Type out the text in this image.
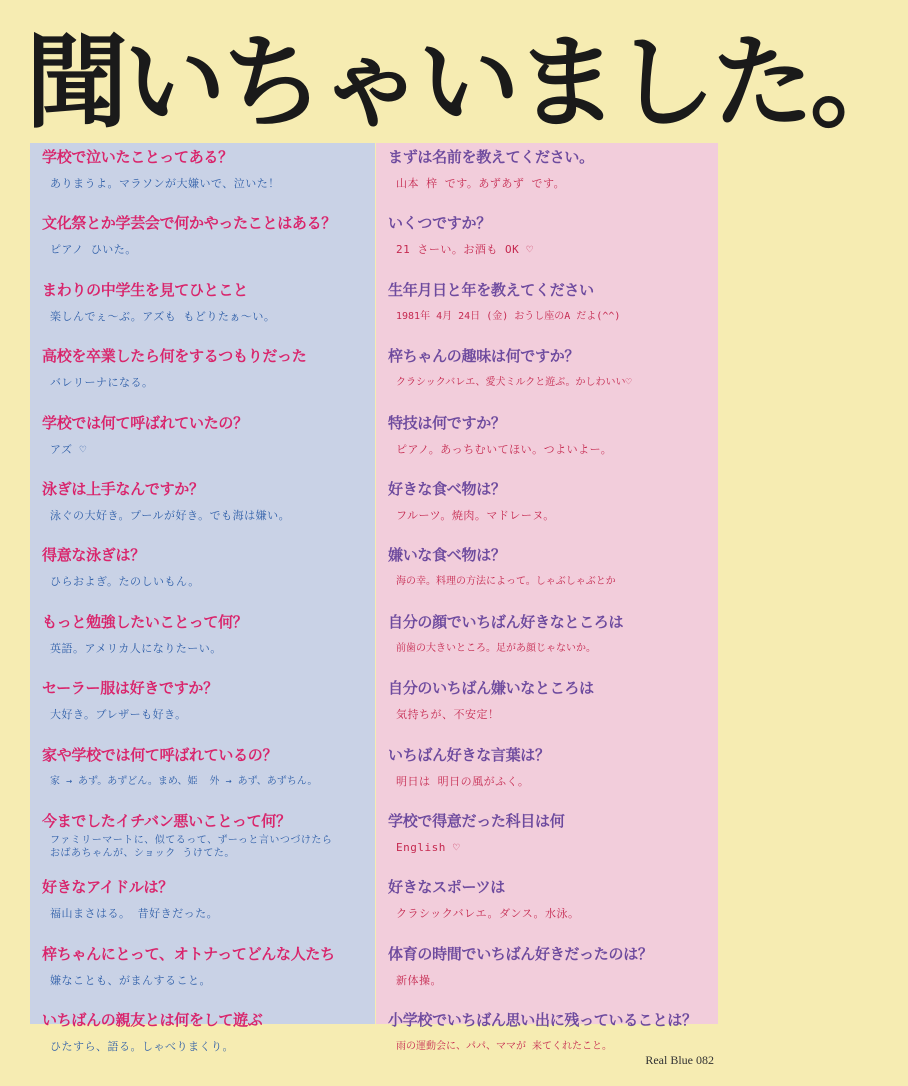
聞いちゃいました。
学校で泣いたことってある？
ありまうよ。マラソンが大嫌いで、泣いた！
文化祭とか学芸会で何かやったことはある？
ピアノ ひいた。
まわりの中学生を見てひとこと
楽しんでぇ〜ぶ。アズも もどりたぁ〜い。
高校を卒業したら何をするつもりだった
バレリーナになる。
学校では何て呼ばれていたの？
アズ ♡
泳ぎは上手なんですか？
泳ぐの大好き。プールが好き。でも海は嫌い。
得意な泳ぎは？
ひらおよぎ。たのしいもん。
もっと勉強したいことって何？
英語。アメリカ人になりたーい。
セーラー服は好きですか？
大好き。ブレザーも好き。
家や学校では何て呼ばれているの？
家 → あず。あずどん。まめ、姫  外 → あず、あずちん。
今までしたイチバン悪いことって何？
ファミリーマートに、似てるって、ずーっと言いつづけたら
おばあちゃんが、ショック うけてた。
好きなアイドルは？
福山まさはる。 昔好きだった。
梓ちゃんにとって、オトナってどんな人たち
嫌なことも、がまんすること。
いちばんの親友とは何をして遊ぶ
ひたすら、語る。しゃべりまくり。
まずは名前を教えてください。
山本 梓 です。あずあず です。
いくつですか？
21 さーい。お酒も OK ♡
生年月日と年を教えてください
1981年 4月 24日 (金) おうし座のA だよ(^^)
梓ちゃんの趣味は何ですか？
クラシックバレエ、愛犬ミルクと遊ぶ。かしわいい♡
特技は何ですか？
ピアノ。あっちむいてほい。つよいよー。
好きな食べ物は？
フルーツ。焼肉。マドレーヌ。
嫌いな食べ物は？
海の幸。料理の方法によって。しゃぶしゃぶとか
自分の顔でいちばん好きなところは
前歯の大きいところ。足があ顔じゃないか。
自分のいちばん嫌いなところは
気持ちが、不安定！
いちばん好きな言葉は？
明日は 明日の風がふく。
学校で得意だった科目は何
English ♡
好きなスポーツは
クラシックバレエ。ダンス。水泳。
体育の時間でいちばん好きだったのは？
新体操。
小学校でいちばん思い出に残っていることは？
雨の運動会に、パパ、ママが 来てくれたこと。
Real Blue 082
